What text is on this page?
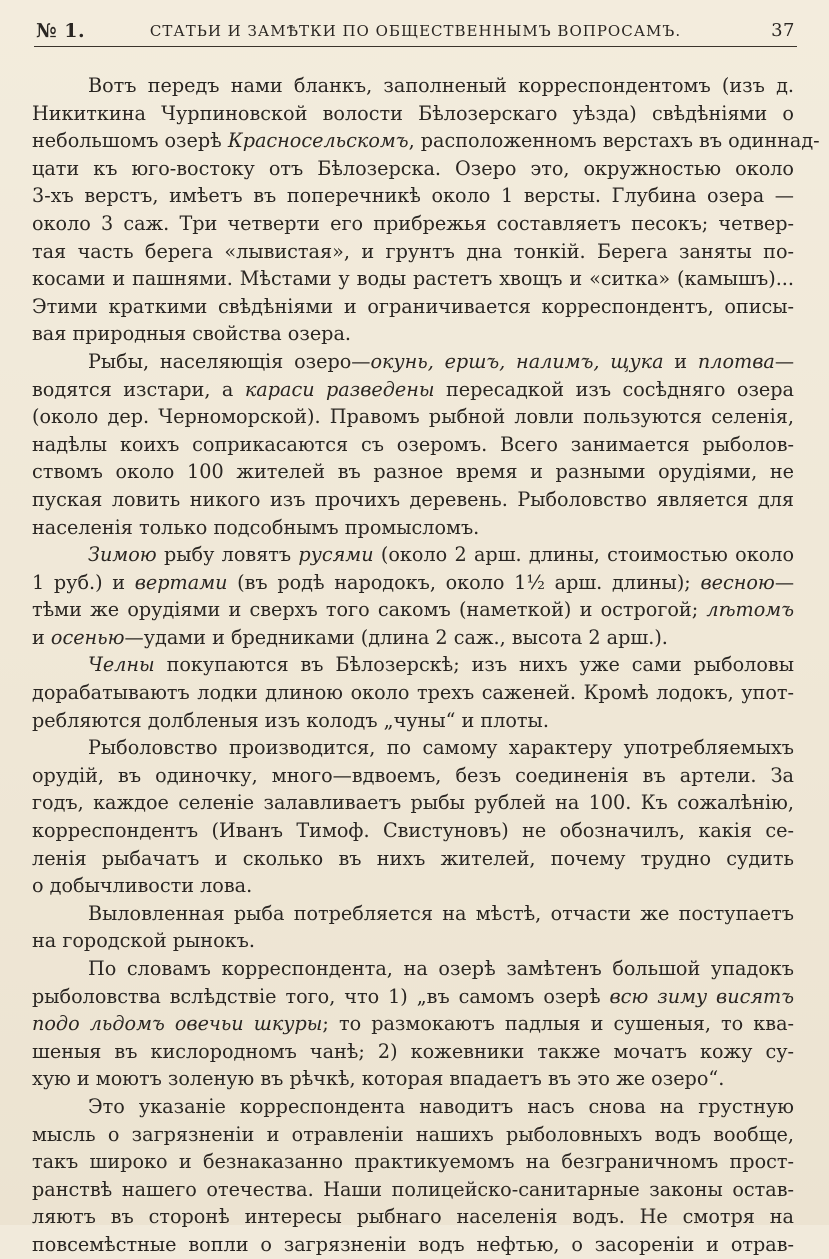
№ 1.	СТАТЬИ И ЗАМѢТКИ ПО ОБЩЕСТВЕННЫМЪ ВОПРОСАМЪ.	37
Вотъ передъ нами бланкъ, заполненый корреспондентомъ (изъ д.
Никиткина Чурпиновской волости Бѣлозерскаго уѣзда) свѣдѣніями о
небольшомъ озерѣ Красносельскомъ, расположенномъ верстахъ въ одиннад-
цати къ юго-востоку отъ Бѣлозерска. Озеро это, окружностью около
3-хъ верстъ, имѣетъ въ поперечникѣ около 1 версты. Глубина озера —
около 3 саж. Три четверти его прибрежья составляетъ песокъ; четвер-
тая часть берега «лывистая», и грунтъ дна тонкій. Берега заняты по-
косами и пашнями. Мѣстами у воды растетъ хвощъ и «ситка» (камышъ)...
Этими краткими свѣдѣніями и ограничивается корреспондентъ, описы-
вая природныя свойства озера.
Рыбы, населяющія озеро—окунь, ершъ, налимъ, щука и плотва—
водятся изстари, а караси разведены пересадкой изъ сосѣдняго озера
(около дер. Черноморской). Правомъ рыбной ловли пользуются селенія,
надѣлы коихъ соприкасаются съ озеромъ. Всего занимается рыболов-
ствомъ около 100 жителей въ разное время и разными орудіями, не
пуская ловить никого изъ прочихъ деревень. Рыболовство является для
населенія только подсобнымъ промысломъ.
Зимою рыбу ловятъ русями (около 2 арш. длины, стоимостью около
1 руб.) и вертами (въ родѣ народокъ, около 1½ арш. длины); весною—
тѣми же орудіями и сверхъ того сакомъ (наметкой) и острогой; лѣтомъ
и осенью—удами и бредниками (длина 2 саж., высота 2 арш.).
Челны покупаются въ Бѣлозерскѣ; изъ нихъ уже сами рыболовы
дорабатываютъ лодки длиною около трехъ саженей. Кромѣ лодокъ, упот-
ребляются долбленыя изъ колодъ „чуны“ и плоты.
Рыболовство производится, по самому характеру употребляемыхъ
орудій, въ одиночку, много—вдвоемъ, безъ соединенія въ артели. За
годъ, каждое селеніе залавливаетъ рыбы рублей на 100. Къ сожалѣнію,
корреспондентъ (Иванъ Тимоф. Свистуновъ) не обозначилъ, какія се-
ленія рыбачатъ и сколько въ нихъ жителей, почему трудно судить
о добычливости лова.
Выловленная рыба потребляется на мѣстѣ, отчасти же поступаетъ
на городской рынокъ.
По словамъ корреспондента, на озерѣ замѣтенъ большой упадокъ
рыболовства вслѣдствіе того, что 1) „въ самомъ озерѣ всю зиму висятъ
подо льдомъ овечьи шкуры; то размокаютъ падлыя и сушеныя, то ква-
шеныя въ кислородномъ чанѣ; 2) кожевники также мочатъ кожу су-
хую и моютъ золеную въ рѣчкѣ, которая впадаетъ въ это же озеро“.
Это указаніе корреспондента наводитъ насъ снова на грустную
мысль о загрязненіи и отравленіи нашихъ рыболовныхъ водъ вообще,
такъ широко и безнаказанно практикуемомъ на безграничномъ прост-
ранствѣ нашего отечества. Наши полицейско-санитарные законы остав-
ляютъ въ сторонѣ интересы рыбнаго населенія водъ. Не смотря на
повсемѣстные вопли о загрязненіи водъ нефтью, о засореніи и отрав-
